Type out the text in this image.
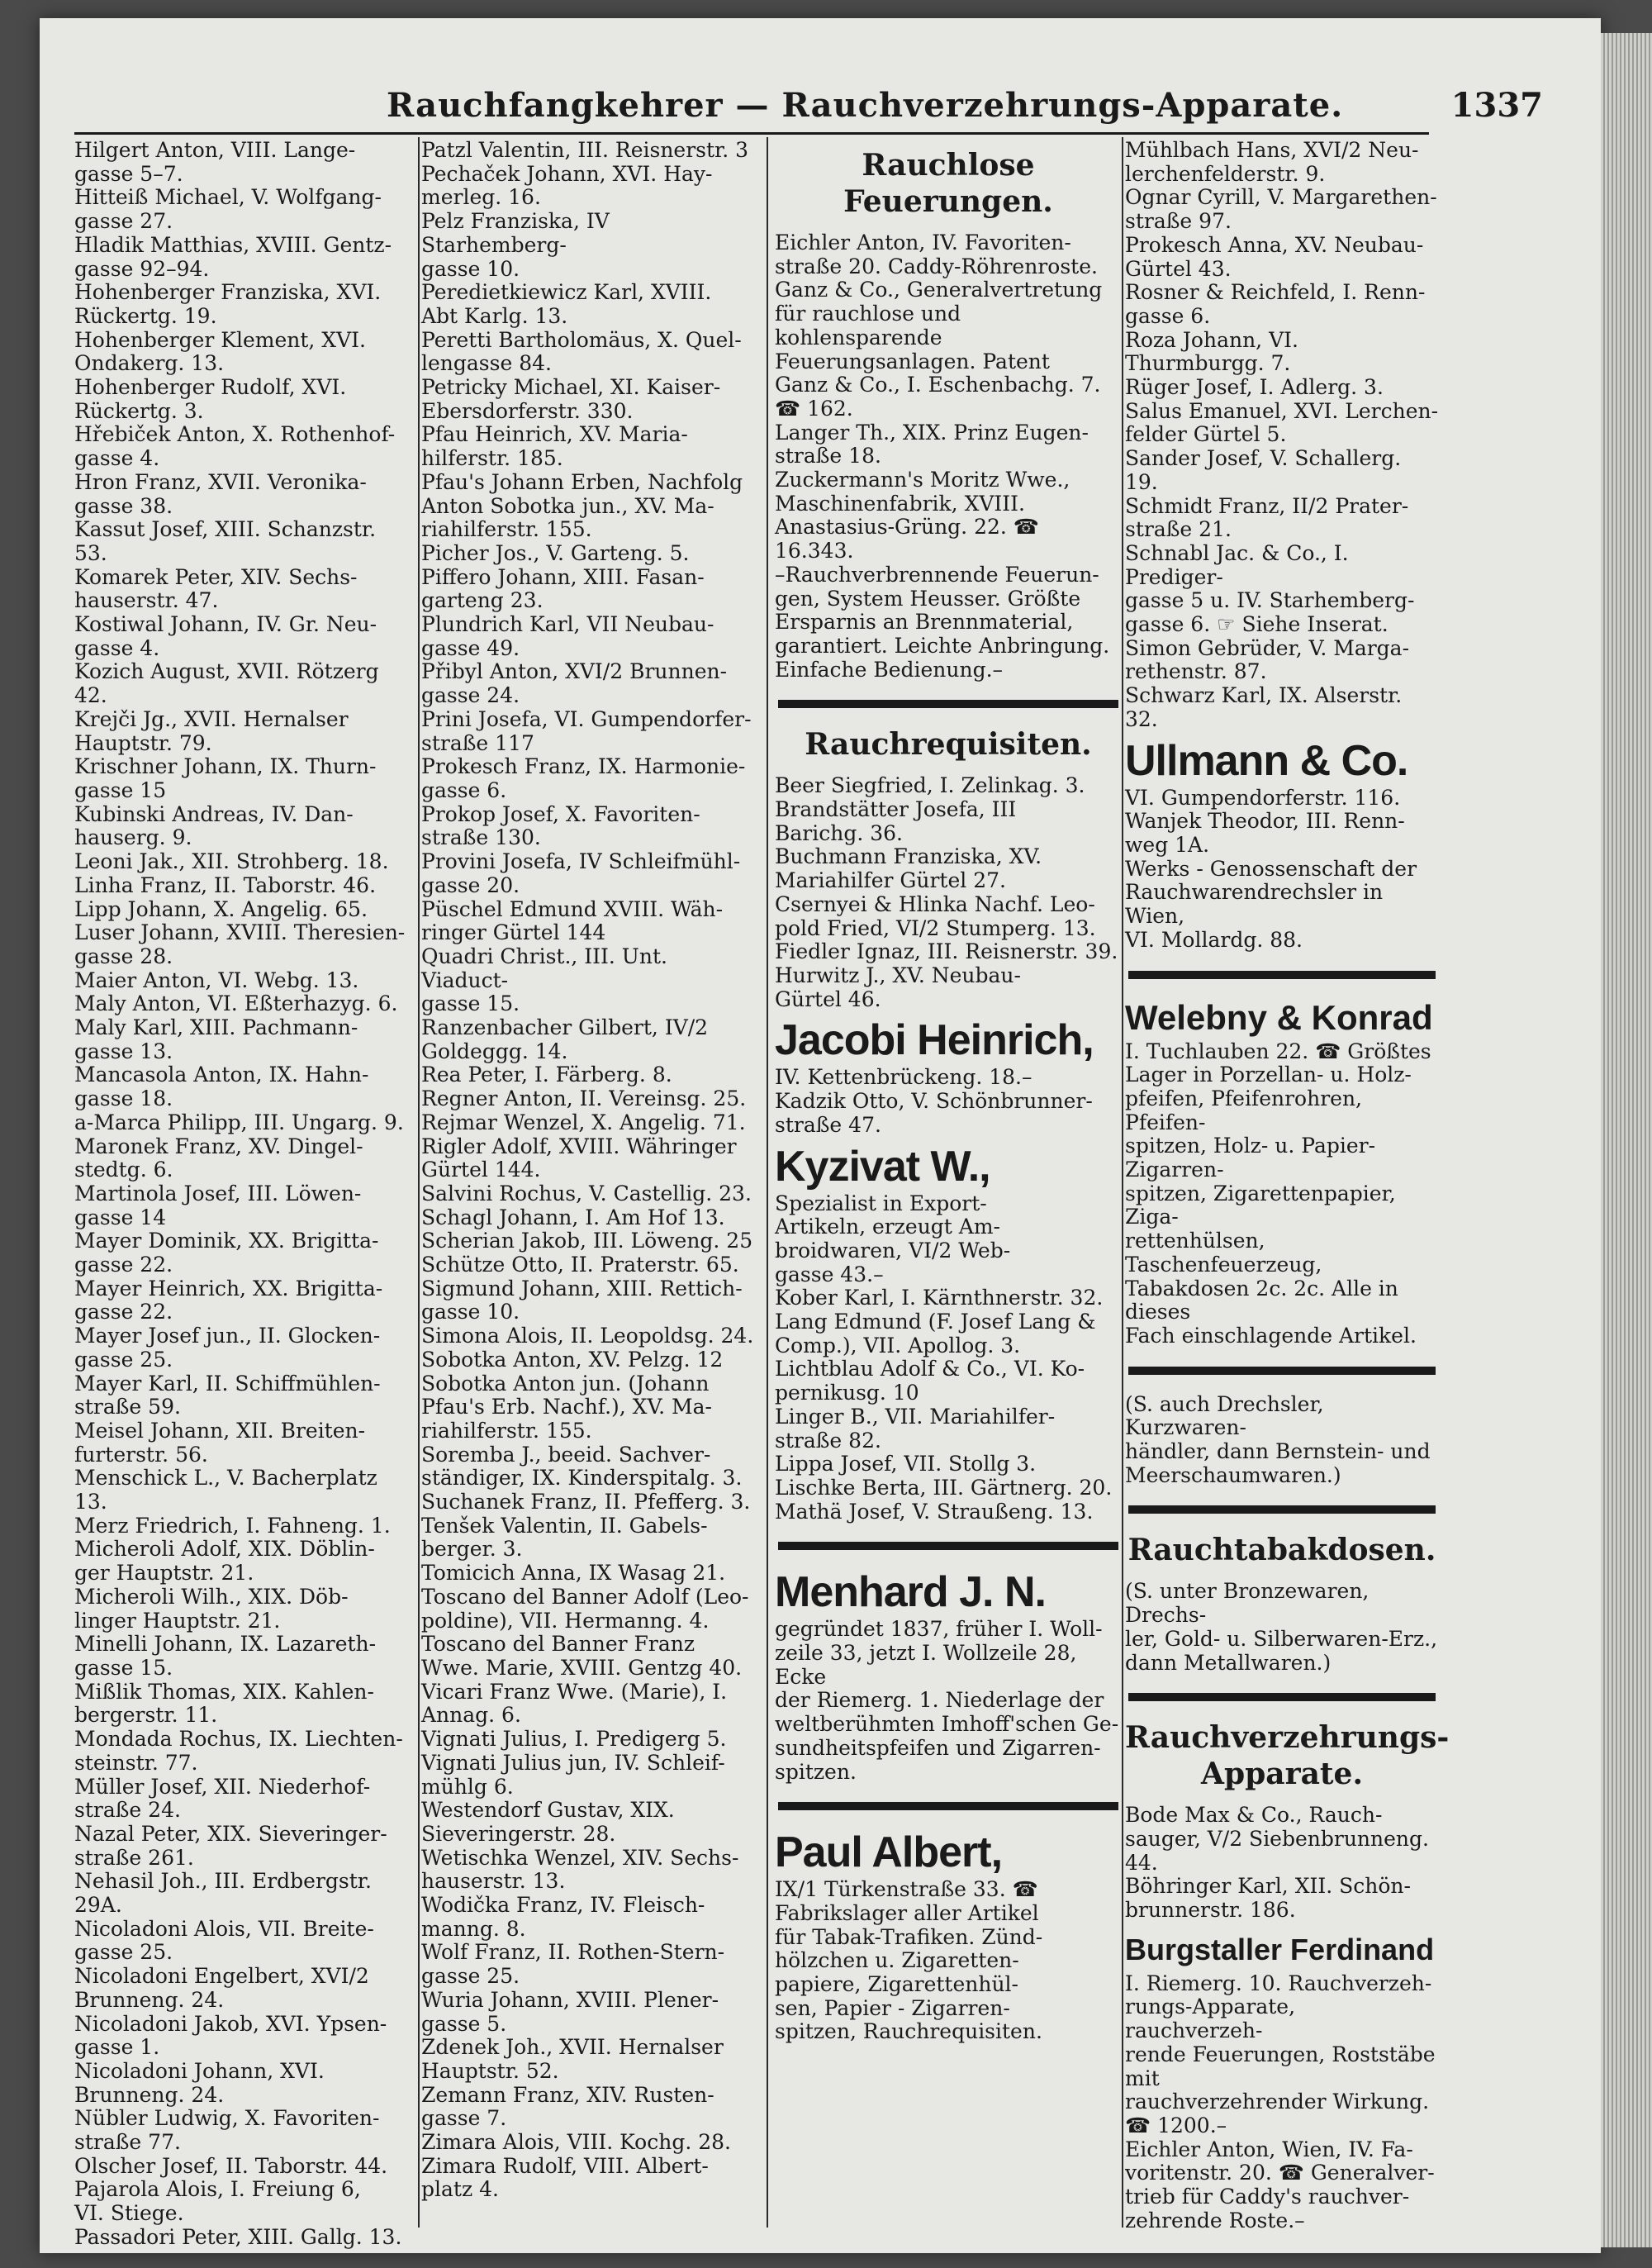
Rauchfangkehrer — Rauchverzehrungs-Apparate.	1337

Hilgert Anton, VIII. Lange-

gasse 5–7.

Hitteiß Michael, V. Wolfgang-

gasse 27.

Hladik Matthias, XVIII. Gentz-

gasse 92–94.

Hohenberger Franziska, XVI.

Rückertg. 19.

Hohenberger Klement, XVI.

Ondakerg. 13.

Hohenberger Rudolf, XVI.

Rückertg. 3.

Hřebiček Anton, X. Rothenhof-

gasse 4.

Hron Franz, XVII. Veronika-

gasse 38.

Kassut Josef, XIII. Schanzstr. 53.

Komarek Peter, XIV. Sechs-

hauserstr. 47.

Kostiwal Johann, IV. Gr. Neu-

gasse 4.

Kozich August, XVII. Rötzerg 42.

Krejči Jg., XVII. Hernalser

Hauptstr. 79.

Krischner Johann, IX. Thurn-

gasse 15

Kubinski Andreas, IV. Dan-

hauserg. 9.

Leoni Jak., XII. Strohberg. 18.

Linha Franz, II. Taborstr. 46.

Lipp Johann, X. Angelig. 65.

Luser Johann, XVIII. Theresien-

gasse 28.

Maier Anton, VI. Webg. 13.

Maly Anton, VI. Eßterhazyg. 6.

Maly Karl, XIII. Pachmann-

gasse 13.

Mancasola Anton, IX. Hahn-

gasse 18.

a-Marca Philipp, III. Ungarg. 9.

Maronek Franz, XV. Dingel-

stedtg. 6.

Martinola Josef, III. Löwen-

gasse 14

Mayer Dominik, XX. Brigitta-

gasse 22.

Mayer Heinrich, XX. Brigitta-

gasse 22.

Mayer Josef jun., II. Glocken-

gasse 25.

Mayer Karl, II. Schiffmühlen-

straße 59.

Meisel Johann, XII. Breiten-

furterstr. 56.

Menschick L., V. Bacherplatz 13.

Merz Friedrich, I. Fahneng. 1.

Micheroli Adolf, XIX. Döblin-

ger Hauptstr. 21.

Micheroli Wilh., XIX. Döb-

linger Hauptstr. 21.

Minelli Johann, IX. Lazareth-

gasse 15.

Mißlik Thomas, XIX. Kahlen-

bergerstr. 11.

Mondada Rochus, IX. Liechten-

steinstr. 77.

Müller Josef, XII. Niederhof-

straße 24.

Nazal Peter, XIX. Sieveringer-

straße 261.

Nehasil Joh., III. Erdbergstr. 29A.

Nicoladoni Alois, VII. Breite-

gasse 25.

Nicoladoni Engelbert, XVI/2

Brunneng. 24.

Nicoladoni Jakob, XVI. Ypsen-

gasse 1.

Nicoladoni Johann, XVI.

Brunneng. 24.

Nübler Ludwig, X. Favoriten-

straße 77.

Olscher Josef, II. Taborstr. 44.

Pajarola Alois, I. Freiung 6,

VI. Stiege.

Passadori Peter, XIII. Gallg. 13.

Patzl Valentin, III. Reisnerstr. 3

Pechaček Johann, XVI. Hay-

merleg. 16.

Pelz Franziska, IV Starhemberg-

gasse 10.

Peredietkiewicz Karl, XVIII.

Abt Karlg. 13.

Peretti Bartholomäus, X. Quel-

lengasse 84.

Petricky Michael, XI. Kaiser-

Ebersdorferstr. 330.

Pfau Heinrich, XV. Maria-

hilferstr. 185.

Pfau's Johann Erben, Nachfolg

Anton Sobotka jun., XV. Ma-

riahilferstr. 155.

Picher Jos., V. Garteng. 5.

Piffero Johann, XIII. Fasan-

garteng 23.

Plundrich Karl, VII Neubau-

gasse 49.

Přibyl Anton, XVI/2 Brunnen-

gasse 24.

Prini Josefa, VI. Gumpendorfer-

straße 117

Prokesch Franz, IX. Harmonie-

gasse 6.

Prokop Josef, X. Favoriten-

straße 130.

Provini Josefa, IV Schleifmühl-

gasse 20.

Püschel Edmund XVIII. Wäh-

ringer Gürtel 144

Quadri Christ., III. Unt. Viaduct-

gasse 15.

Ranzenbacher Gilbert, IV/2

Goldeggg. 14.

Rea Peter, I. Färberg. 8.

Regner Anton, II. Vereinsg. 25.

Rejmar Wenzel, X. Angelig. 71.

Rigler Adolf, XVIII. Währinger

Gürtel 144.

Salvini Rochus, V. Castellig. 23.

Schagl Johann, I. Am Hof 13.

Scherian Jakob, III. Löweng. 25

Schütze Otto, II. Praterstr. 65.

Sigmund Johann, XIII. Rettich-

gasse 10.

Simona Alois, II. Leopoldsg. 24.

Sobotka Anton, XV. Pelzg. 12

Sobotka Anton jun. (Johann

Pfau's Erb. Nachf.), XV. Ma-

riahilferstr. 155.

Soremba J., beeid. Sachver-

ständiger, IX. Kinderspitalg. 3.

Suchanek Franz, II. Pfefferg. 3.

Tenšek Valentin, II. Gabels-

berger. 3.

Tomicich Anna, IX Wasag 21.

Toscano del Banner Adolf (Leo-

poldine), VII. Hermanng. 4.

Toscano del Banner Franz

Wwe. Marie, XVIII. Gentzg 40.

Vicari Franz Wwe. (Marie), I.

Annag. 6.

Vignati Julius, I. Predigerg 5.

Vignati Julius jun, IV. Schleif-

mühlg 6.

Westendorf Gustav, XIX.

Sieveringerstr. 28.

Wetischka Wenzel, XIV. Sechs-

hauserstr. 13.

Wodička Franz, IV. Fleisch-

manng. 8.

Wolf Franz, II. Rothen-Stern-

gasse 25.

Wuria Johann, XVIII. Plener-

gasse 5.

Zdenek Joh., XVII. Hernalser

Hauptstr. 52.

Zemann Franz, XIV. Rusten-

gasse 7.

Zimara Alois, VIII. Kochg. 28.

Zimara Rudolf, VIII. Albert-

platz 4.

Rauchlose Feuerungen.

Eichler Anton, IV. Favoriten-

straße 20. Caddy-Röhrenroste.

Ganz & Co., Generalvertretung

für rauchlose und kohlensparende

Feuerungsanlagen. Patent

Ganz & Co., I. Eschenbachg. 7.

☎ 162.

Langer Th., XIX. Prinz Eugen-

straße 18.

Zuckermann's Moritz Wwe.,

Maschinenfabrik, XVIII.

Anastasius-Grüng. 22. ☎ 16.343.

–Rauchverbrennende Feuerun-

gen, System Heusser. Größte

Ersparnis an Brennmaterial,

garantiert. Leichte Anbringung.

Einfache Bedienung.–

Rauchrequisiten.

Beer Siegfried, I. Zelinkag. 3.

Brandstätter Josefa, III

Barichg. 36.

Buchmann Franziska, XV.

Mariahilfer Gürtel 27.

Csernyei & Hlinka Nachf. Leo-

pold Fried, VI/2 Stumperg. 13.

Fiedler Ignaz, III. Reisnerstr. 39.

Hurwitz J., XV. Neubau-

Gürtel 46.

Jacobi Heinrich,

IV. Kettenbrückeng. 18.–

Kadzik Otto, V. Schönbrunner-

straße 47.

Kyzivat W.,

Spezialist in Export-

Artikeln, erzeugt Am-

broidwaren, VI/2 Web-

gasse 43.–

Kober Karl, I. Kärnthnerstr. 32.

Lang Edmund (F. Josef Lang &

Comp.), VII. Apollog. 3.

Lichtblau Adolf & Co., VI. Ko-

pernikusg. 10

Linger B., VII. Mariahilfer-

straße 82.

Lippa Josef, VII. Stollg 3.

Lischke Berta, III. Gärtnerg. 20.

Mathä Josef, V. Straußeng. 13.

Menhard J. N.

gegründet 1837, früher I. Woll-

zeile 33, jetzt I. Wollzeile 28, Ecke

der Riemerg. 1. Niederlage der

weltberühmten Imhoff'schen Ge-

sundheitspfeifen und Zigarren-

spitzen.

Paul Albert,

IX/1 Türkenstraße 33. ☎

Fabrikslager aller Artikel

für Tabak-Trafiken. Zünd-

hölzchen u. Zigaretten-

papiere, Zigarettenhül-

sen, Papier - Zigarren-

spitzen, Rauchrequisiten.

Mühlbach Hans, XVI/2 Neu-

lerchenfelderstr. 9.

Ognar Cyrill, V. Margarethen-

straße 97.

Prokesch Anna, XV. Neubau-

Gürtel 43.

Rosner & Reichfeld, I. Renn-

gasse 6.

Roza Johann, VI. Thurmburgg. 7.

Rüger Josef, I. Adlerg. 3.

Salus Emanuel, XVI. Lerchen-

felder Gürtel 5.

Sander Josef, V. Schallerg. 19.

Schmidt Franz, II/2 Prater-

straße 21.

Schnabl Jac. & Co., I. Prediger-

gasse 5 u. IV. Starhemberg-

gasse 6. ☞ Siehe Inserat.

Simon Gebrüder, V. Marga-

rethenstr. 87.

Schwarz Karl, IX. Alserstr. 32.

Ullmann & Co.

VI. Gumpendorferstr. 116.

Wanjek Theodor, III. Renn-

weg 1A.

Werks - Genossenschaft der

Rauchwarendrechsler in Wien,

VI. Mollardg. 88.

Welebny & Konrad

I. Tuchlauben 22. ☎ Größtes

Lager in Porzellan- u. Holz-

pfeifen, Pfeifenrohren, Pfeifen-

spitzen, Holz- u. Papier-Zigarren-

spitzen, Zigarettenpapier, Ziga-

rettenhülsen, Taschenfeuerzeug,

Tabakdosen 2c. 2c. Alle in dieses

Fach einschlagende Artikel.

(S. auch Drechsler, Kurzwaren-

händler, dann Bernstein- und

Meerschaumwaren.)

Rauchtabakdosen.

(S. unter Bronzewaren, Drechs-

ler, Gold- u. Silberwaren-Erz.,

dann Metallwaren.)

Rauchverzehrungs-
Apparate.

Bode Max & Co., Rauch-

sauger, V/2 Siebenbrunneng. 44.

Böhringer Karl, XII. Schön-

brunnerstr. 186.

Burgstaller Ferdinand

I. Riemerg. 10. Rauchverzeh-

rungs-Apparate, rauchverzeh-

rende Feuerungen, Roststäbe mit

rauchverzehrender Wirkung.

☎ 1200.–

Eichler Anton, Wien, IV. Fa-

voritenstr. 20. ☎ Generalver-

trieb für Caddy's rauchver-

zehrende Roste.–
